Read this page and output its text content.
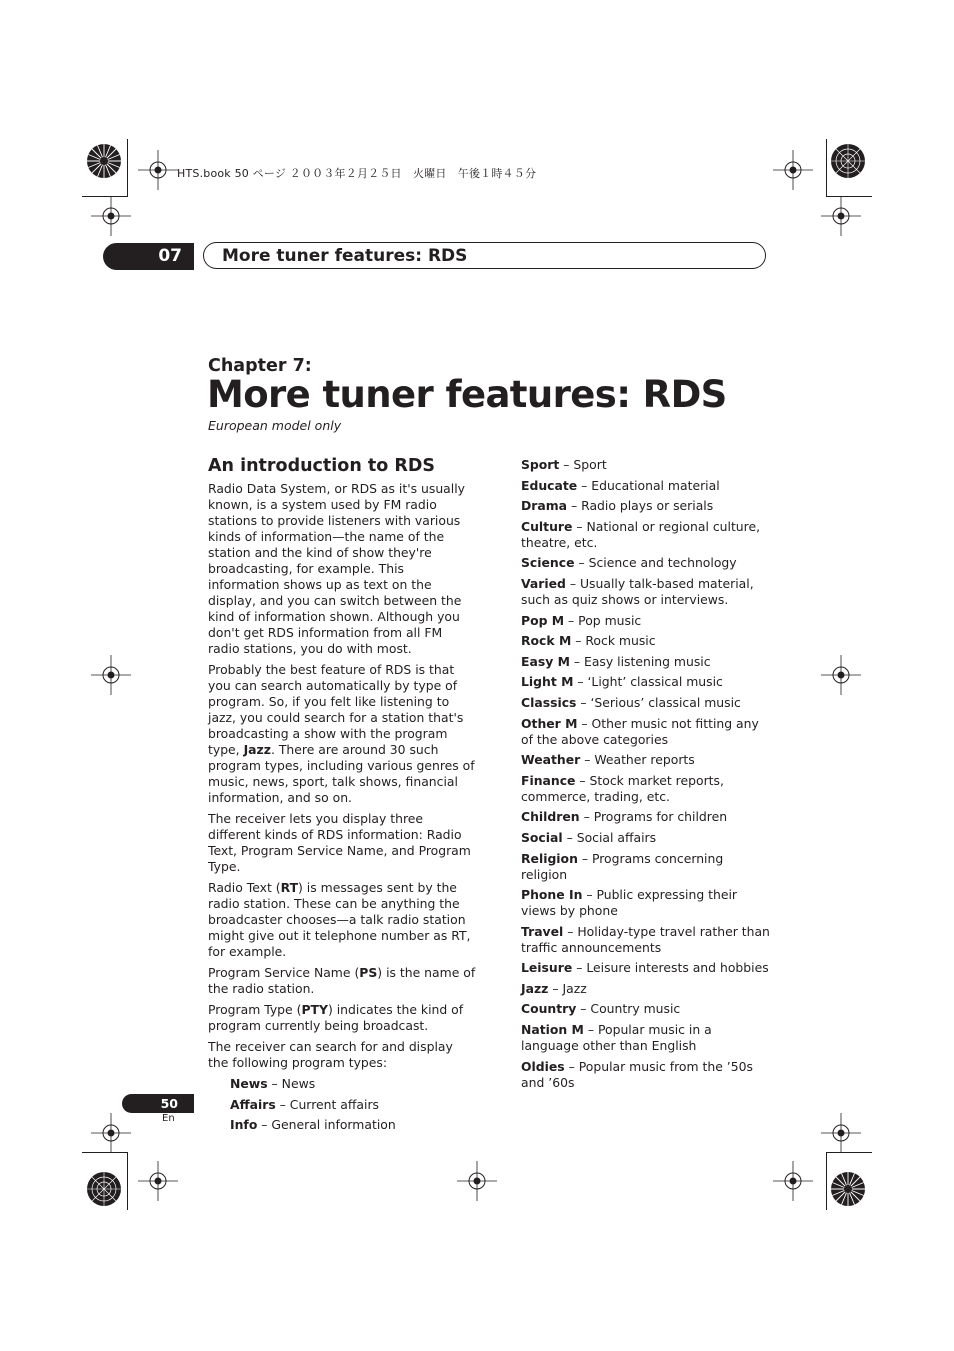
HTS.book 50 ページ ２００３年２月２５日　火曜日　午後１時４５分
07	More tuner features: RDS
Chapter 7:
More tuner features: RDS
European model only
An introduction to RDS
Radio Data System, or RDS as it's usually known, is a system used by FM radio stations to provide listeners with various kinds of information—the name of the station and the kind of show they're broadcasting, for example. This information shows up as text on the display, and you can switch between the kind of information shown. Although you don't get RDS information from all FM radio stations, you do with most.
Probably the best feature of RDS is that you can search automatically by type of program. So, if you felt like listening to jazz, you could search for a station that's broadcasting a show with the program type, Jazz. There are around 30 such program types, including various genres of music, news, sport, talk shows, financial information, and so on.
The receiver lets you display three different kinds of RDS information: Radio Text, Program Service Name, and Program Type.
Radio Text (RT) is messages sent by the radio station. These can be anything the broadcaster chooses—a talk radio station might give out it telephone number as RT, for example.
Program Service Name (PS) is the name of the radio station.
Program Type (PTY) indicates the kind of program currently being broadcast.
The receiver can search for and display the following program types:
News – News
Affairs – Current affairs
Info – General information
Sport – Sport
Educate – Educational material
Drama – Radio plays or serials
Culture – National or regional culture, theatre, etc.
Science – Science and technology
Varied – Usually talk-based material, such as quiz shows or interviews.
Pop M – Pop music
Rock M – Rock music
Easy M – Easy listening music
Light M – ‘Light’ classical music
Classics – ‘Serious’ classical music
Other M – Other music not fitting any of the above categories
Weather – Weather reports
Finance – Stock market reports, commerce, trading, etc.
Children – Programs for children
Social – Social affairs
Religion – Programs concerning religion
Phone In – Public expressing their views by phone
Travel – Holiday-type travel rather than traffic announcements
Leisure – Leisure interests and hobbies
Jazz – Jazz
Country – Country music
Nation M – Popular music in a language other than English
Oldies – Popular music from the ’50s and ’60s
50
En
